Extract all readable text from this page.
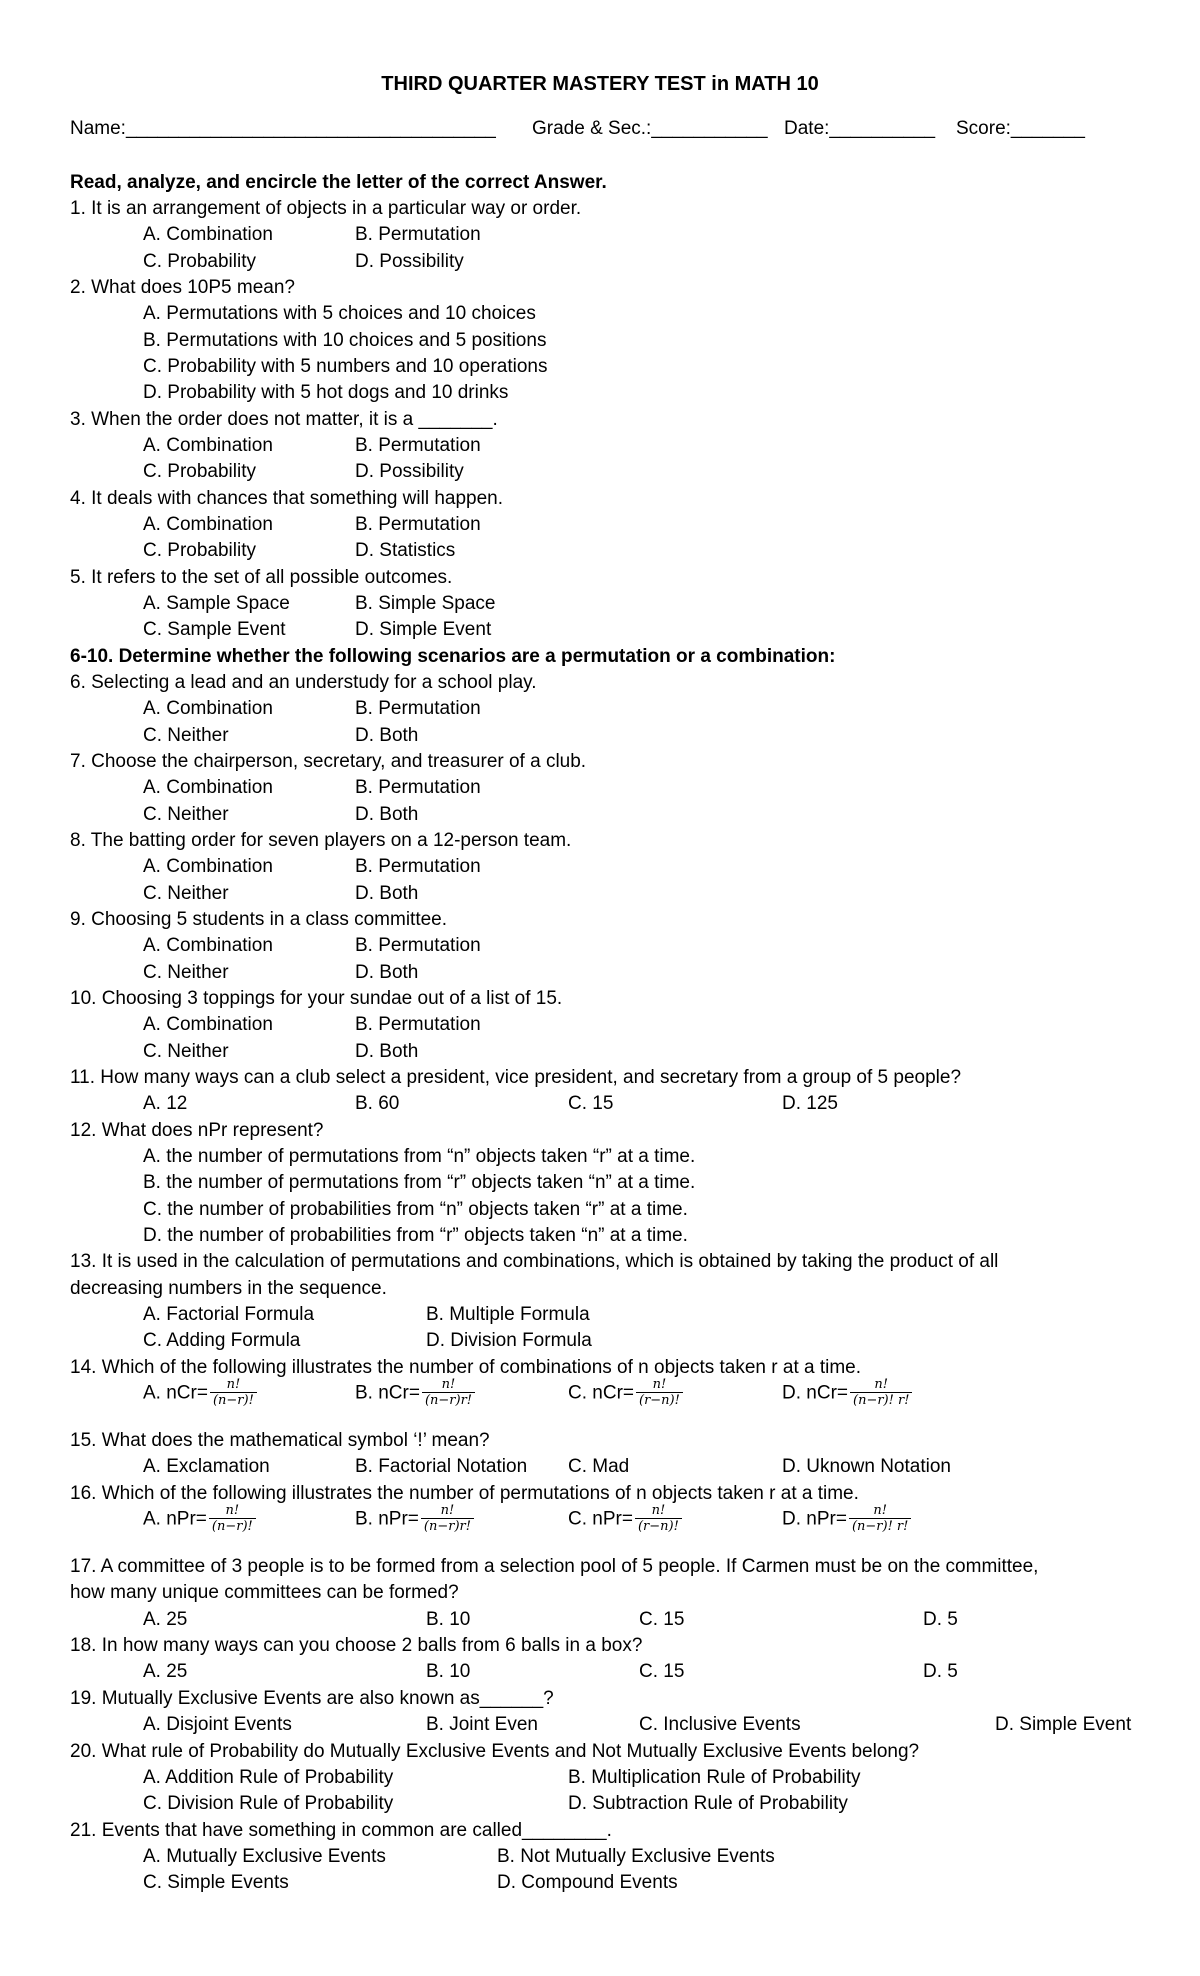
THIRD QUARTER MASTERY TEST in MATH 10
Name:___________________________________ Grade & Sec.:___________ Date:__________ Score:_______
Read, analyze, and encircle the letter of the correct Answer.
1. It is an arrangement of objects in a particular way or order.
A. Combination	B. Permutation
C. Probability	D. Possibility
2. What does 10P5 mean?
A. Permutations with 5 choices and 10 choices
B. Permutations with 10 choices and 5 positions
C. Probability with 5 numbers and 10 operations
D. Probability with 5 hot dogs and 10 drinks
3. When the order does not matter, it is a _______.
A. Combination	B. Permutation
C. Probability	D. Possibility
4. It deals with chances that something will happen.
A. Combination	B. Permutation
C. Probability	D. Statistics
5. It refers to the set of all possible outcomes.
A. Sample Space	B. Simple Space
C. Sample Event	D. Simple Event
6-10. Determine whether the following scenarios are a permutation or a combination:
6. Selecting a lead and an understudy for a school play.
A. Combination	B. Permutation
C. Neither	D. Both
7. Choose the chairperson, secretary, and treasurer of a club.
A. Combination	B. Permutation
C. Neither	D. Both
8. The batting order for seven players on a 12-person team.
A. Combination	B. Permutation
C. Neither	D. Both
9. Choosing 5 students in a class committee.
A. Combination	B. Permutation
C. Neither	D. Both
10. Choosing 3 toppings for your sundae out of a list of 15.
A. Combination	B. Permutation
C. Neither	D. Both
11. How many ways can a club select a president, vice president, and secretary from a group of 5 people?
A. 12	B. 60	C. 15	D. 125
12. What does nPr represent?
A. the number of permutations from “n” objects taken “r” at a time.
B. the number of permutations from “r” objects taken “n” at a time.
C. the number of probabilities from “n” objects taken “r” at a time.
D. the number of probabilities from “r” objects taken “n” at a time.
13. It is used in the calculation of permutations and combinations, which is obtained by taking the product of all
decreasing numbers in the sequence.
A. Factorial Formula	B. Multiple Formula
C. Adding Formula	D. Division Formula
14. Which of the following illustrates the number of combinations of n objects taken r at a time.
A. $nCr= \frac{n!}{(n-r)!}$	B. $nCr= \frac{n!}{(n-r)r!}$	C. $nCr= \frac{n!}{(r-n)!}$	D. $nCr= \frac{n!}{(n-r)! r!}$
15. What does the mathematical symbol ‘!’ mean?
A. Exclamation	B. Factorial Notation C. Mad	D. Uknown Notation
16. Which of the following illustrates the number of permutations of n objects taken r at a time.
A. $nPr= \frac{n!}{(n-r)!}$	B. $nPr= \frac{n!}{(n-r)r!}$	C. $nPr= \frac{n!}{(r-n)!}$	D. $nPr= \frac{n!}{(n-r)! r!}$
17. A committee of 3 people is to be formed from a selection pool of 5 people. If Carmen must be on the committee,
how many unique committees can be formed?
A. 25	B. 10	C. 15	D. 5
18. In how many ways can you choose 2 balls from 6 balls in a box?
A. 25	B. 10	C. 15	D. 5
19. Mutually Exclusive Events are also known as______?
A. Disjoint Events	B. Joint Even	C. Inclusive Events	D. Simple Event
20. What rule of Probability do Mutually Exclusive Events and Not Mutually Exclusive Events belong?
A. Addition Rule of Probability	B. Multiplication Rule of Probability
C. Division Rule of Probability	D. Subtraction Rule of Probability
21. Events that have something in common are called________.
A. Mutually Exclusive Events	B. Not Mutually Exclusive Events
C. Simple Events	D. Compound Events
